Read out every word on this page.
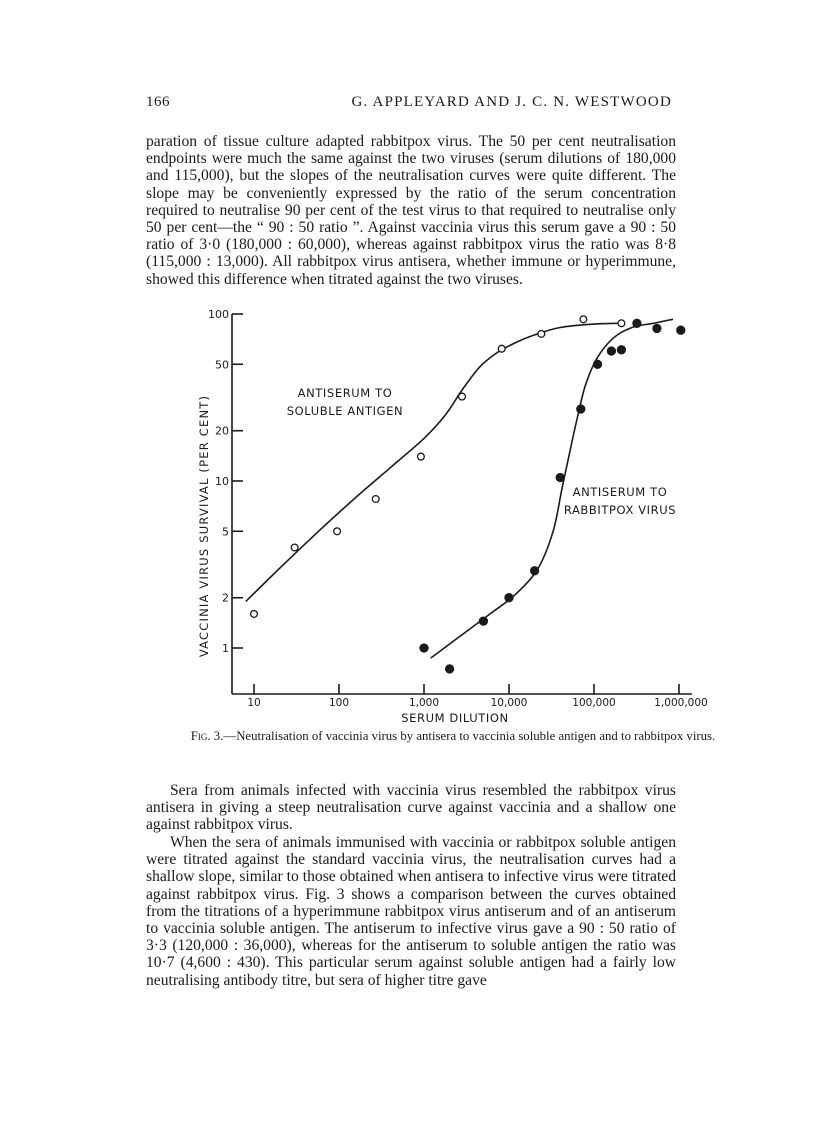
166	G. APPLEYARD AND J. C. N. WESTWOOD

paration of tissue culture adapted rabbitpox virus. The 50 per cent neutralisation endpoints were much the same against the two viruses (serum dilutions of 180,000 and 115,000), but the slopes of the neutralisation curves were quite different. The slope may be conveniently expressed by the ratio of the serum concentration required to neutralise 90 per cent of the test virus to that required to neutralise only 50 per cent—the “ 90 : 50 ratio ”. Against vaccinia virus this serum gave a 90 : 50 ratio of 3·0 (180,000 : 60,000), whereas against rabbitpox virus the ratio was 8·8 (115,000 : 13,000). All rabbitpox virus antisera, whether immune or hyperimmune, showed this difference when titrated against the two viruses.

1
2
5
10
20
50
100
10	100	1,000	10,000	100,000	1,000,000
SERUM DILUTION
VACCINIA VIRUS SURVIVAL (PER CENT)
ANTISERUM TO
SOLUBLE ANTIGEN
ANTISERUM TO
RABBITPOX VIRUS
Fig. 3.—Neutralisation of vaccinia virus by antisera to vaccinia soluble antigen and to rabbitpox virus.

Sera from animals infected with vaccinia virus resembled the rabbitpox virus antisera in giving a steep neutralisation curve against vaccinia and a shallow one against rabbitpox virus.

When the sera of animals immunised with vaccinia or rabbitpox soluble antigen were titrated against the standard vaccinia virus, the neutralisation curves had a shallow slope, similar to those obtained when antisera to infective virus were titrated against rabbitpox virus. Fig. 3 shows a comparison between the curves obtained from the titrations of a hyperimmune rabbitpox virus antiserum and of an antiserum to vaccinia soluble antigen. The antiserum to infective virus gave a 90 : 50 ratio of 3·3 (120,000 : 36,000), whereas for the antiserum to soluble antigen the ratio was 10·7 (4,600 : 430). This particular serum against soluble antigen had a fairly low neutralising antibody titre, but sera of higher titre gave
